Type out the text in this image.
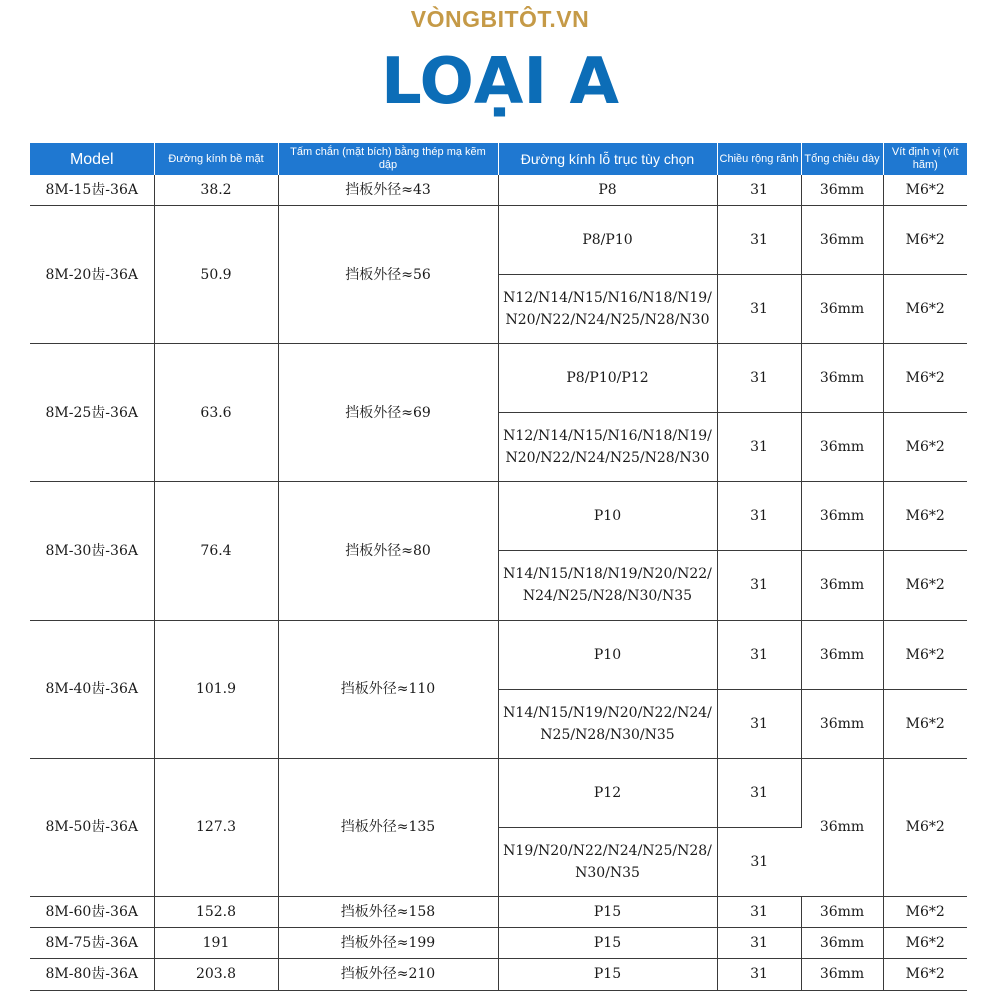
VÒNGBITÔT.VN
LOẠI A
Model	Đường kính bề mặt	Tấm chắn (mặt bích) bằng thép mạ kẽm dập	Đường kính lỗ trục tùy chọn	Chiều rộng rãnh	Tổng chiều dày	Vít định vị (vít hãm)
8M-15齿-36A	38.2	挡板外径≈43	P8	31	36mm	M6*2
8M-20齿-36A	50.9	挡板外径≈56	P8/P10	31	36mm	M6*2
			N12/N14/N15/N16/N18/N19/N20/N22/N24/N25/N28/N30	31	36mm	M6*2
8M-25齿-36A	63.6	挡板外径≈69	P8/P10/P12	31	36mm	M6*2
			N12/N14/N15/N16/N18/N19/N20/N22/N24/N25/N28/N30	31	36mm	M6*2
8M-30齿-36A	76.4	挡板外径≈80	P10	31	36mm	M6*2
			N14/N15/N18/N19/N20/N22/N24/N25/N28/N30/N35	31	36mm	M6*2
8M-40齿-36A	101.9	挡板外径≈110	P10	31	36mm	M6*2
			N14/N15/N19/N20/N22/N24/N25/N28/N30/N35	31	36mm	M6*2
8M-50齿-36A	127.3	挡板外径≈135	P12	31	36mm	M6*2
			N19/N20/N22/N24/N25/N28/N30/N35	31		
8M-60齿-36A	152.8	挡板外径≈158	P15	31	36mm	M6*2
8M-75齿-36A	191	挡板外径≈199	P15	31	36mm	M6*2
8M-80齿-36A	203.8	挡板外径≈210	P15	31	36mm	M6*2
